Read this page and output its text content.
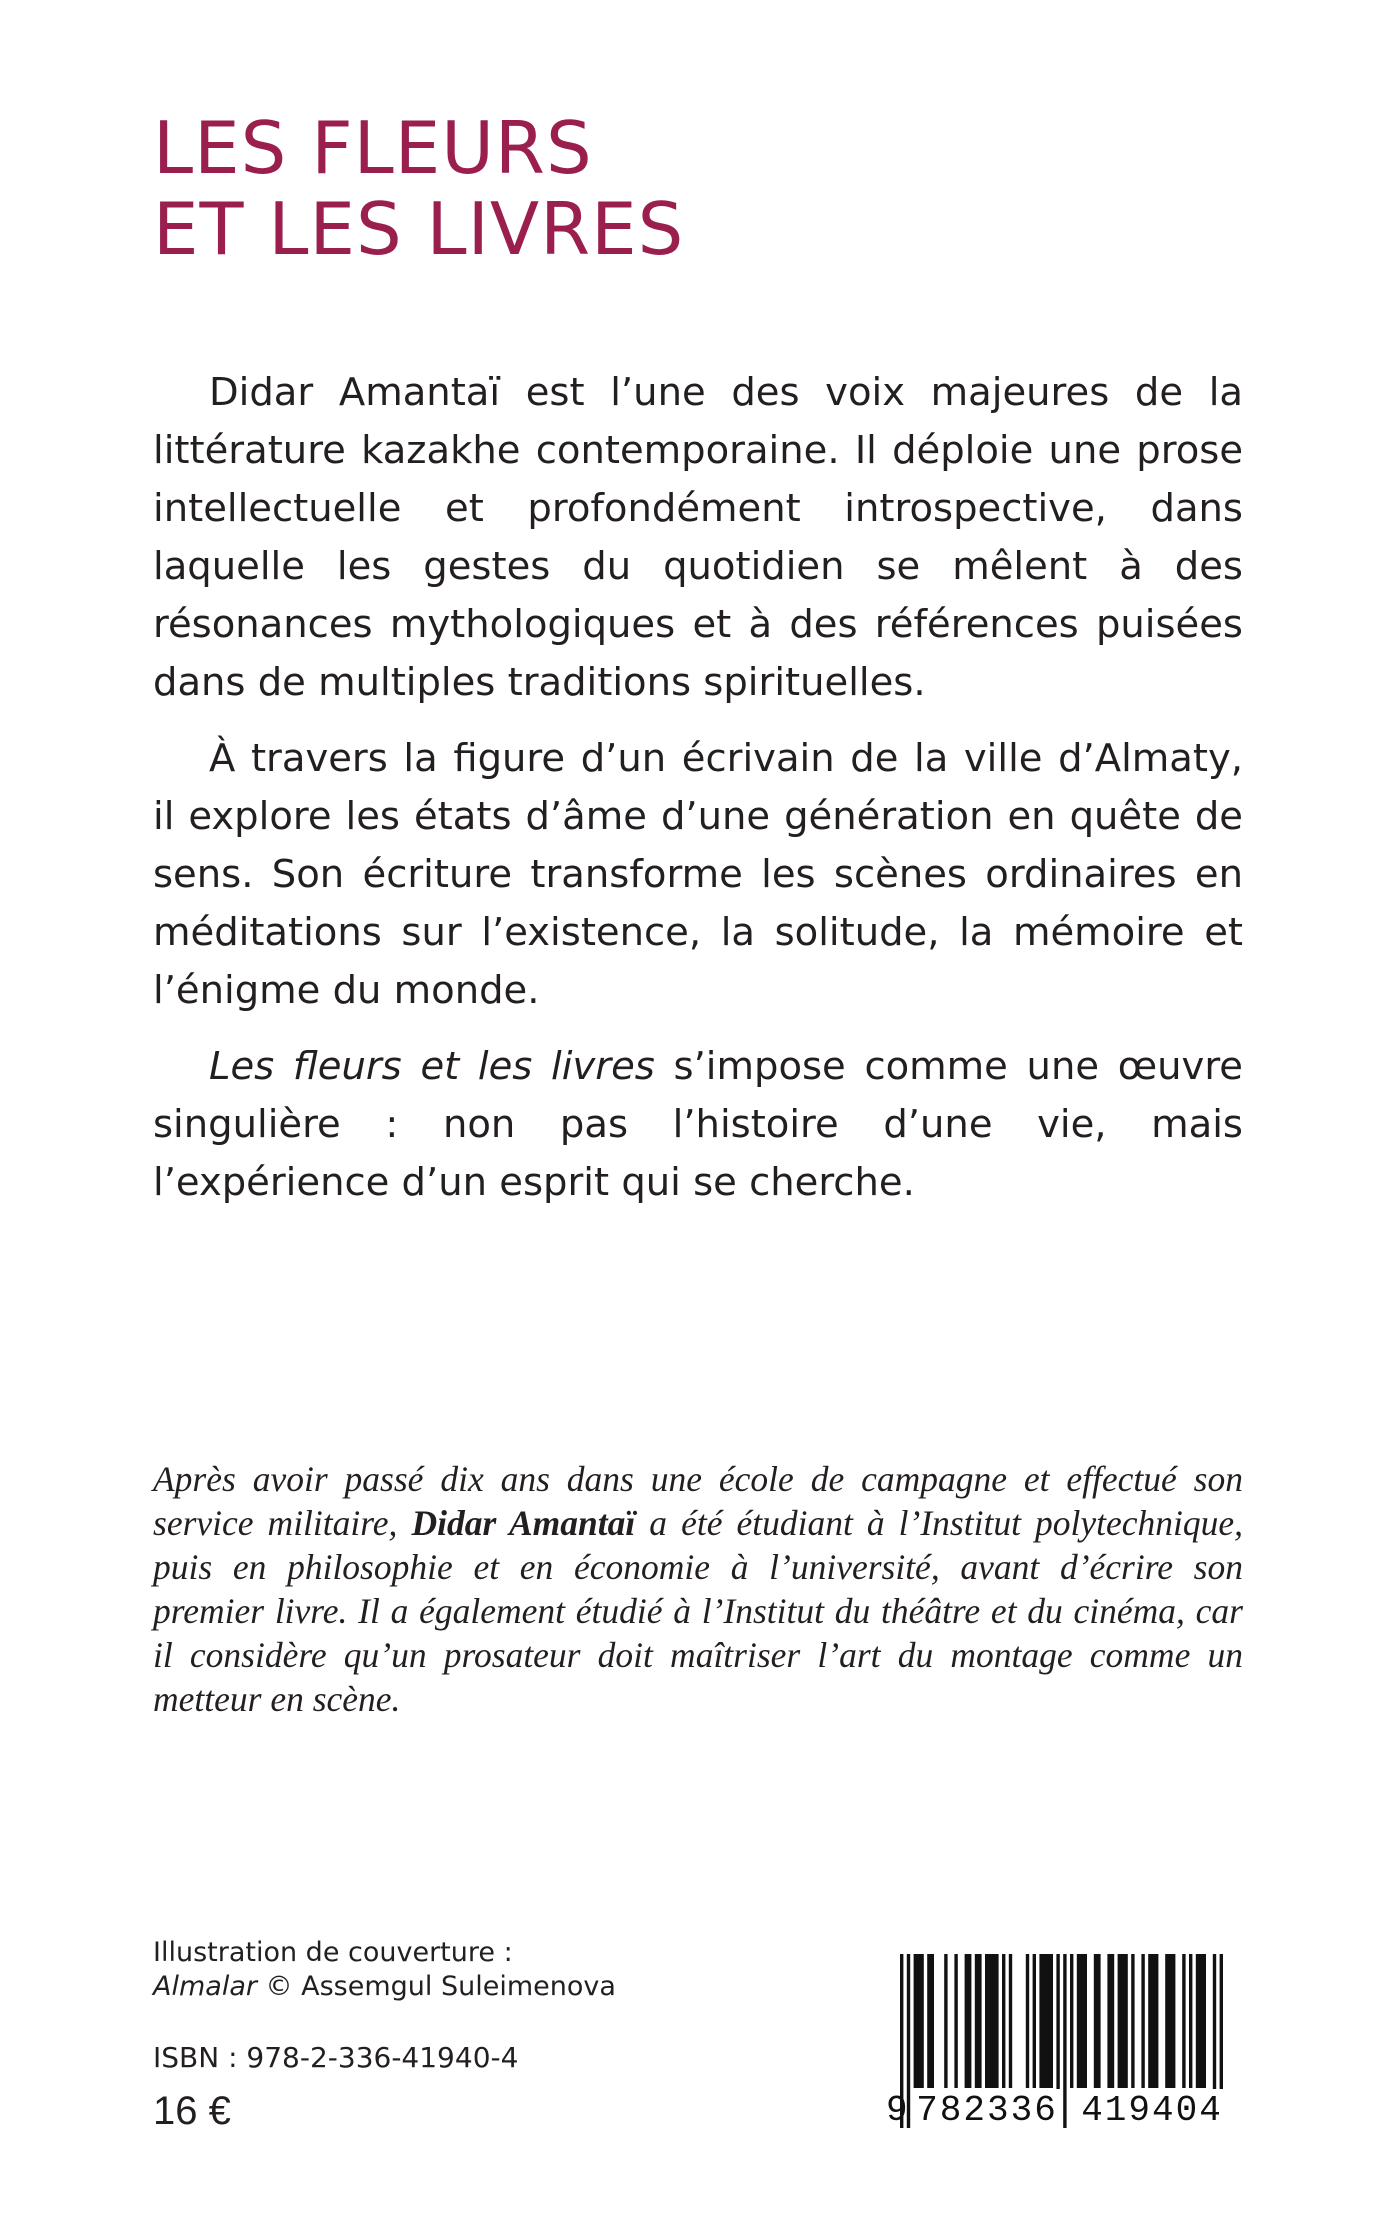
LES FLEURS
ET LES LIVRES

Didar Amantaï est l’une des voix majeures de la littérature kazakhe contemporaine. Il déploie une prose intellectuelle et profondément introspective, dans laquelle les gestes du quotidien se mêlent à des résonances mythologiques et à des références puisées dans de multiples traditions spirituelles.

À travers la figure d’un écrivain de la ville d’Almaty, il explore les états d’âme d’une génération en quête de sens. Son écriture transforme les scènes ordinaires en méditations sur l’existence, la solitude, la mémoire et l’énigme du monde.

Les fleurs et les livres s’impose comme une œuvre singulière : non pas l’histoire d’une vie, mais l’expérience d’un esprit qui se cherche.

Après avoir passé dix ans dans une école de campagne et effectué son service militaire, Didar Amantaï a été étudiant à l’Institut polytechnique, puis en philosophie et en économie à l’université, avant d’écrire son premier livre. Il a également étudié à l’Institut du théâtre et du cinéma, car il considère qu’un prosateur doit maîtriser l’art du montage comme un metteur en scène.

Illustration de couverture :
Almalar © Assemgul Suleimenova
ISBN : 978-2-336-41940-4
16 €	9 782336 419404
